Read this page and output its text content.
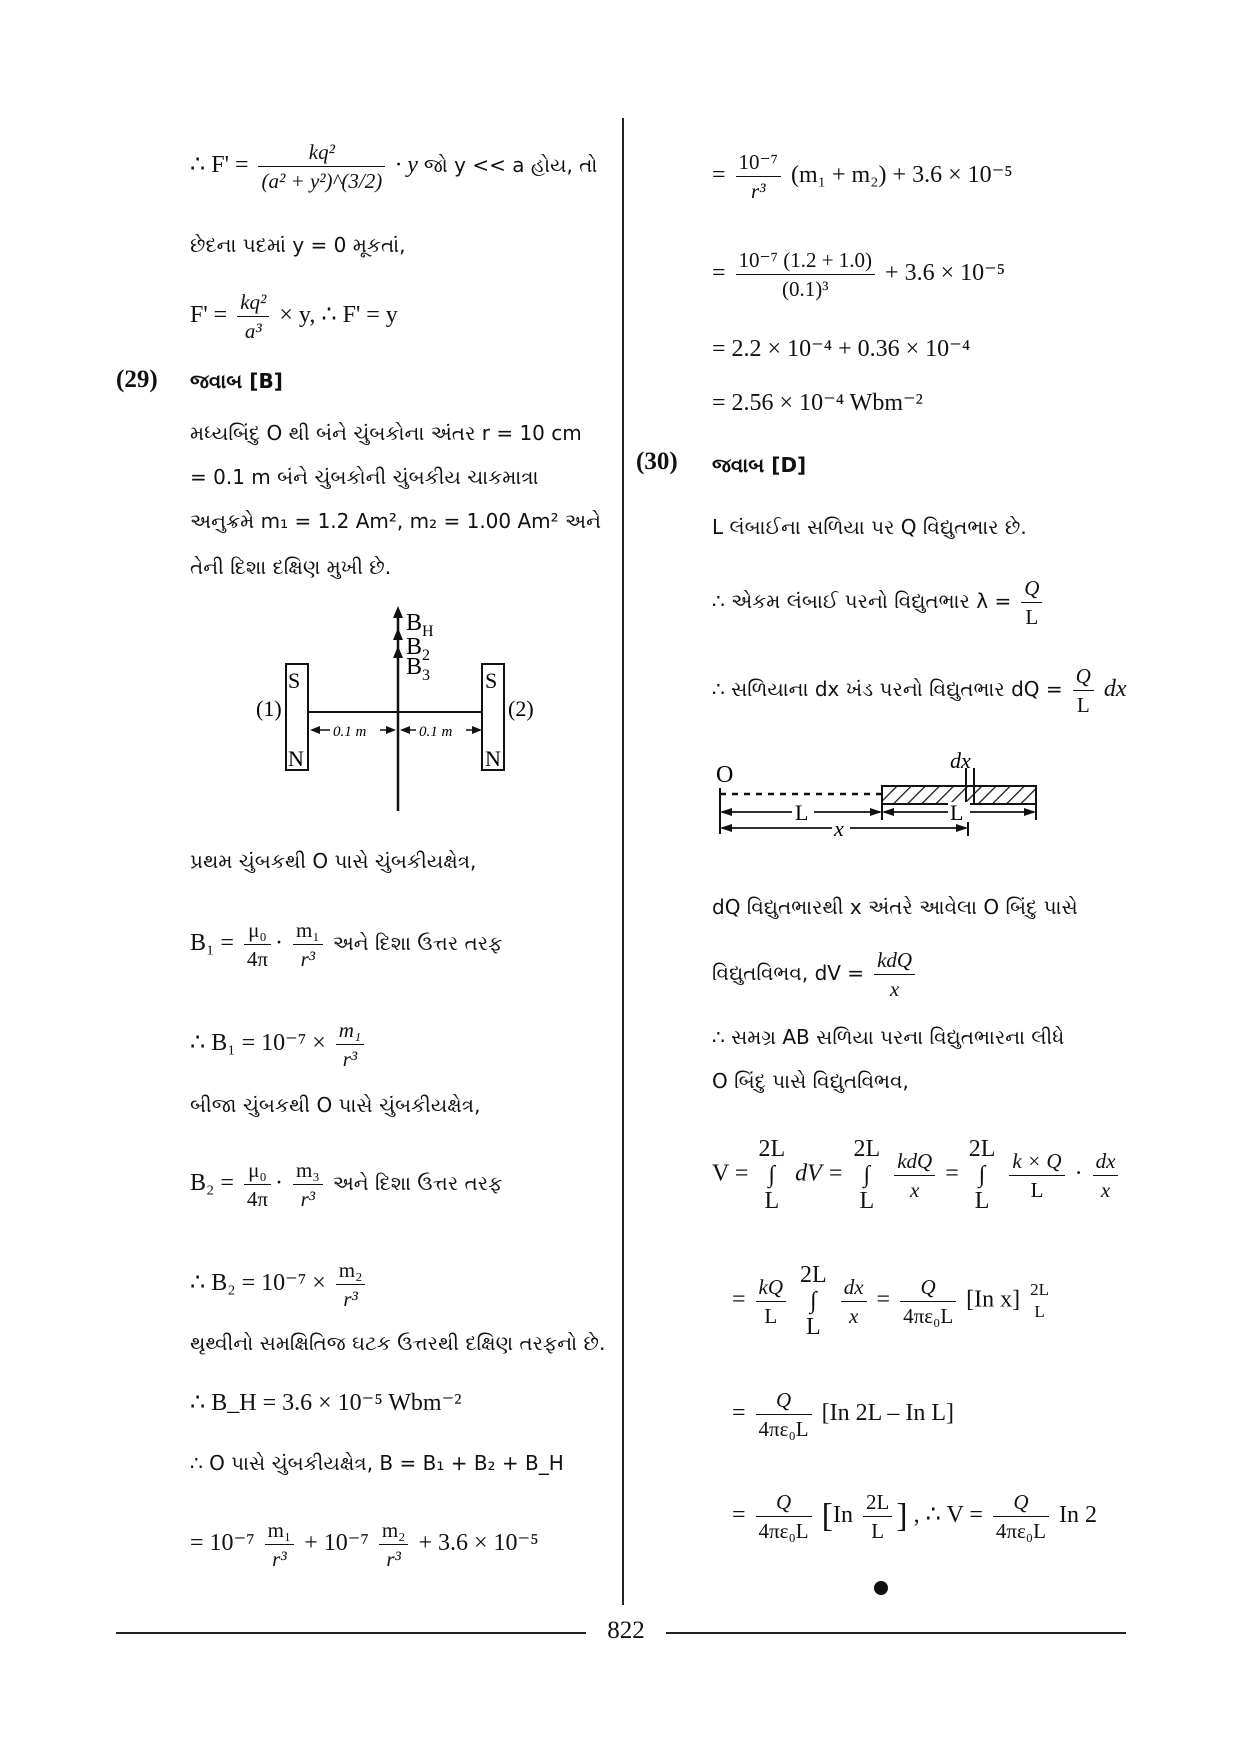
∴ $F' = \frac{\text{kq²}}{\text{(a² + y²)\textasciicircum{}(3/2)}} \cdot y$ જો y << a હોય, તો
છેદના પદમાં y = 0 મૂકતાં,
$F' = \frac{\text{kq²}}{\text{a³}} \times y$, ∴ F' = y
(29) જવાબ [B]
મધ્યબિંદુ O થી બંને ચુંબકોના અંતર r = 10 cm
= 0.1 m બંને ચુંબકોની ચુંબકીય ચાકમાત્રા
અનુક્રમે m₁ = 1.2 Am², m₂ = 1.00 Am² અને
તેની દિશા દક્ષિણ મુખી છે.
$B_H$
$B_2$
$B_3$
S
N
S
N
(1)	(2)
0.1 m	0.1 m
પ્રથમ ચુંબકથી O પાસે ચુંબકીયક્ષેત્ર,
$B_1 = \frac{\text{μ₀}}{4\pi} \cdot \frac{\text{m₁}}{\text{r³}}$ અને દિશા ઉત્તર તરફ
∴ $B_1 = 10^{-7} \times \frac{\text{m₁}}{\text{r³}}$
બીજા ચુંબકથી O પાસે ચુંબકીયક્ષેત્ર,
$B_2 = \frac{\text{μ₀}}{4\pi} \cdot \frac{\text{m₃}}{\text{r³}}$ અને દિશા ઉત્તર તરફ
∴ $B_2 = 10^{-7} \times \frac{\text{m₂}}{\text{r³}}$
થૃથ્વીનો સમક્ષિતિજ ઘટક ઉત્તરથી દક્ષિણ તરફનો છે.
∴ B_H = 3.6 × 10⁻⁵ Wbm⁻²
∴ O પાસે ચુંબકીયક્ષેત્ર, B = B₁ + B₂ + B_H
= $10^{-7} \frac{\text{m₁}}{\text{r³}} + 10^{-7} \frac{\text{m₂}}{\text{r³}} + 3.6 \times 10^{-5}$
= $\frac{\text{10⁻⁷}}{\text{r³}} (m_1 + m_2) + 3.6 \times 10^{-5}$
= $\frac{\text{10⁻⁷ (1.2 + 1.0)}}{\text{(0.1)³}} + 3.6 \times 10^{-5}$
= 2.2 × 10⁻⁴ + 0.36 × 10⁻⁴
= 2.56 × 10⁻⁴ Wbm⁻²
(30) જવાબ [D]
L લંબાઈના સળિયા પર Q વિદ્યુતભાર છે.
∴ એકમ લંબાઈ પરનો વિદ્યુતભાર $\lambda = \frac{Q}{L}$
∴ સળિયાના dx ખંડ પરનો વિદ્યુતભાર dQ = $\frac{Q}{L}$ dx
O
dx
L	L
x
dQ વિદ્યુતભારથી x અંતરે આવેલા O બિંદુ પાસે
વિદ્યુતવિભવ, dV = $\frac{\text{kdQ}}{x}$
∴ સમગ્ર AB સળિયા પરના વિદ્યુતભારના લીધે
O બિંદુ પાસે વિદ્યુતવિભવ,
V =
2L
∫
L
dV =
2L
∫
L
$\frac{\text{kdQ}}{x}$ =
2L
∫
L
$\frac{k \times Q}{L} \cdot \frac{dx}{x}$
= $\frac{kQ}{L}$
2L
∫
L
$\frac{dx}{x} = \frac{Q}{\text{4πε₀L}} [In$ x] 2L
L
= $\frac{Q}{\text{4πε₀L}} [In$ 2L – In L]
= $\frac{Q}{\text{4πε₀L}} [In \frac{2L}{L}$ ] , ∴ $V = \frac{Q}{\text{4πε₀L}}$ In 2
822
